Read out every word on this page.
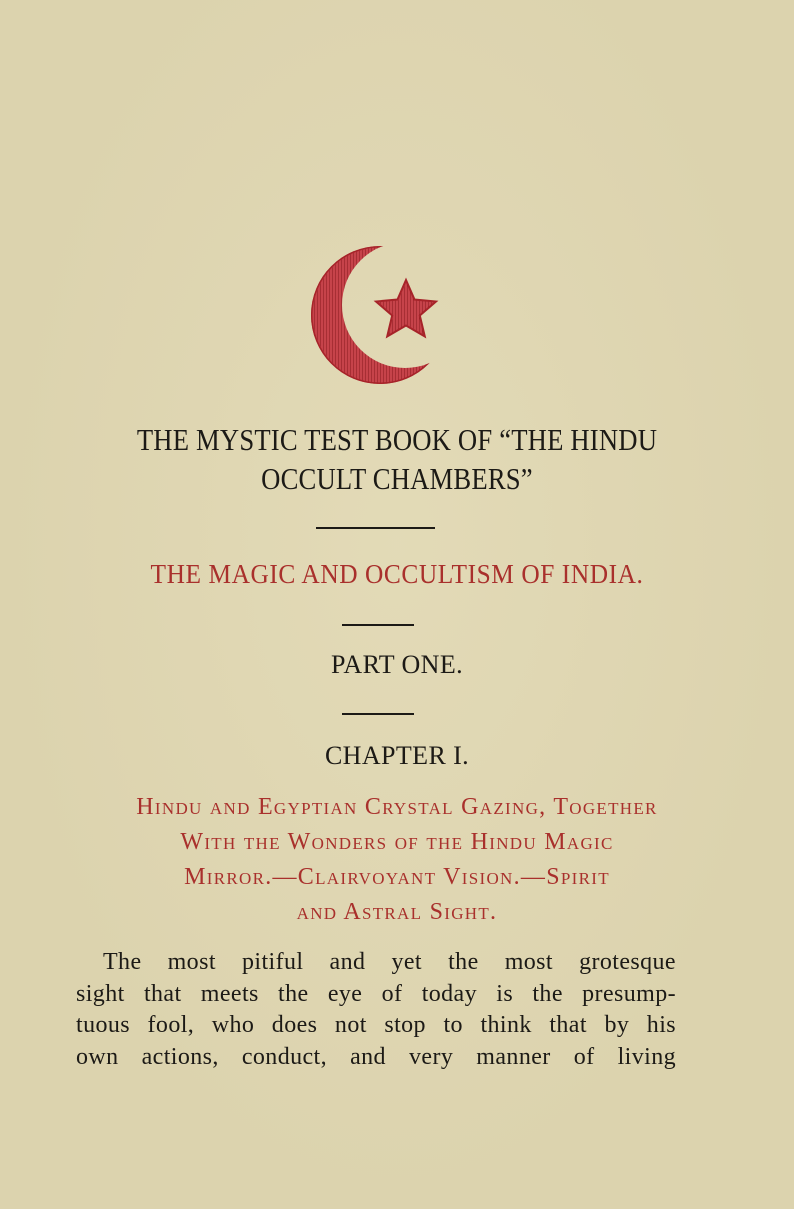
THE MYSTIC TEST BOOK OF “THE HINDU
OCCULT CHAMBERS”
THE MAGIC AND OCCULTISM OF INDIA.
PART ONE.
CHAPTER I.
Hindu and Egyptian Crystal Gazing, Together
With the Wonders of the Hindu Magic
Mirror.—Clairvoyant Vision.—Spirit
and Astral Sight.
The most pitiful and yet the most grotesque
sight that meets the eye of today is the presump-
tuous fool, who does not stop to think that by his
own actions, conduct, and very manner of living
